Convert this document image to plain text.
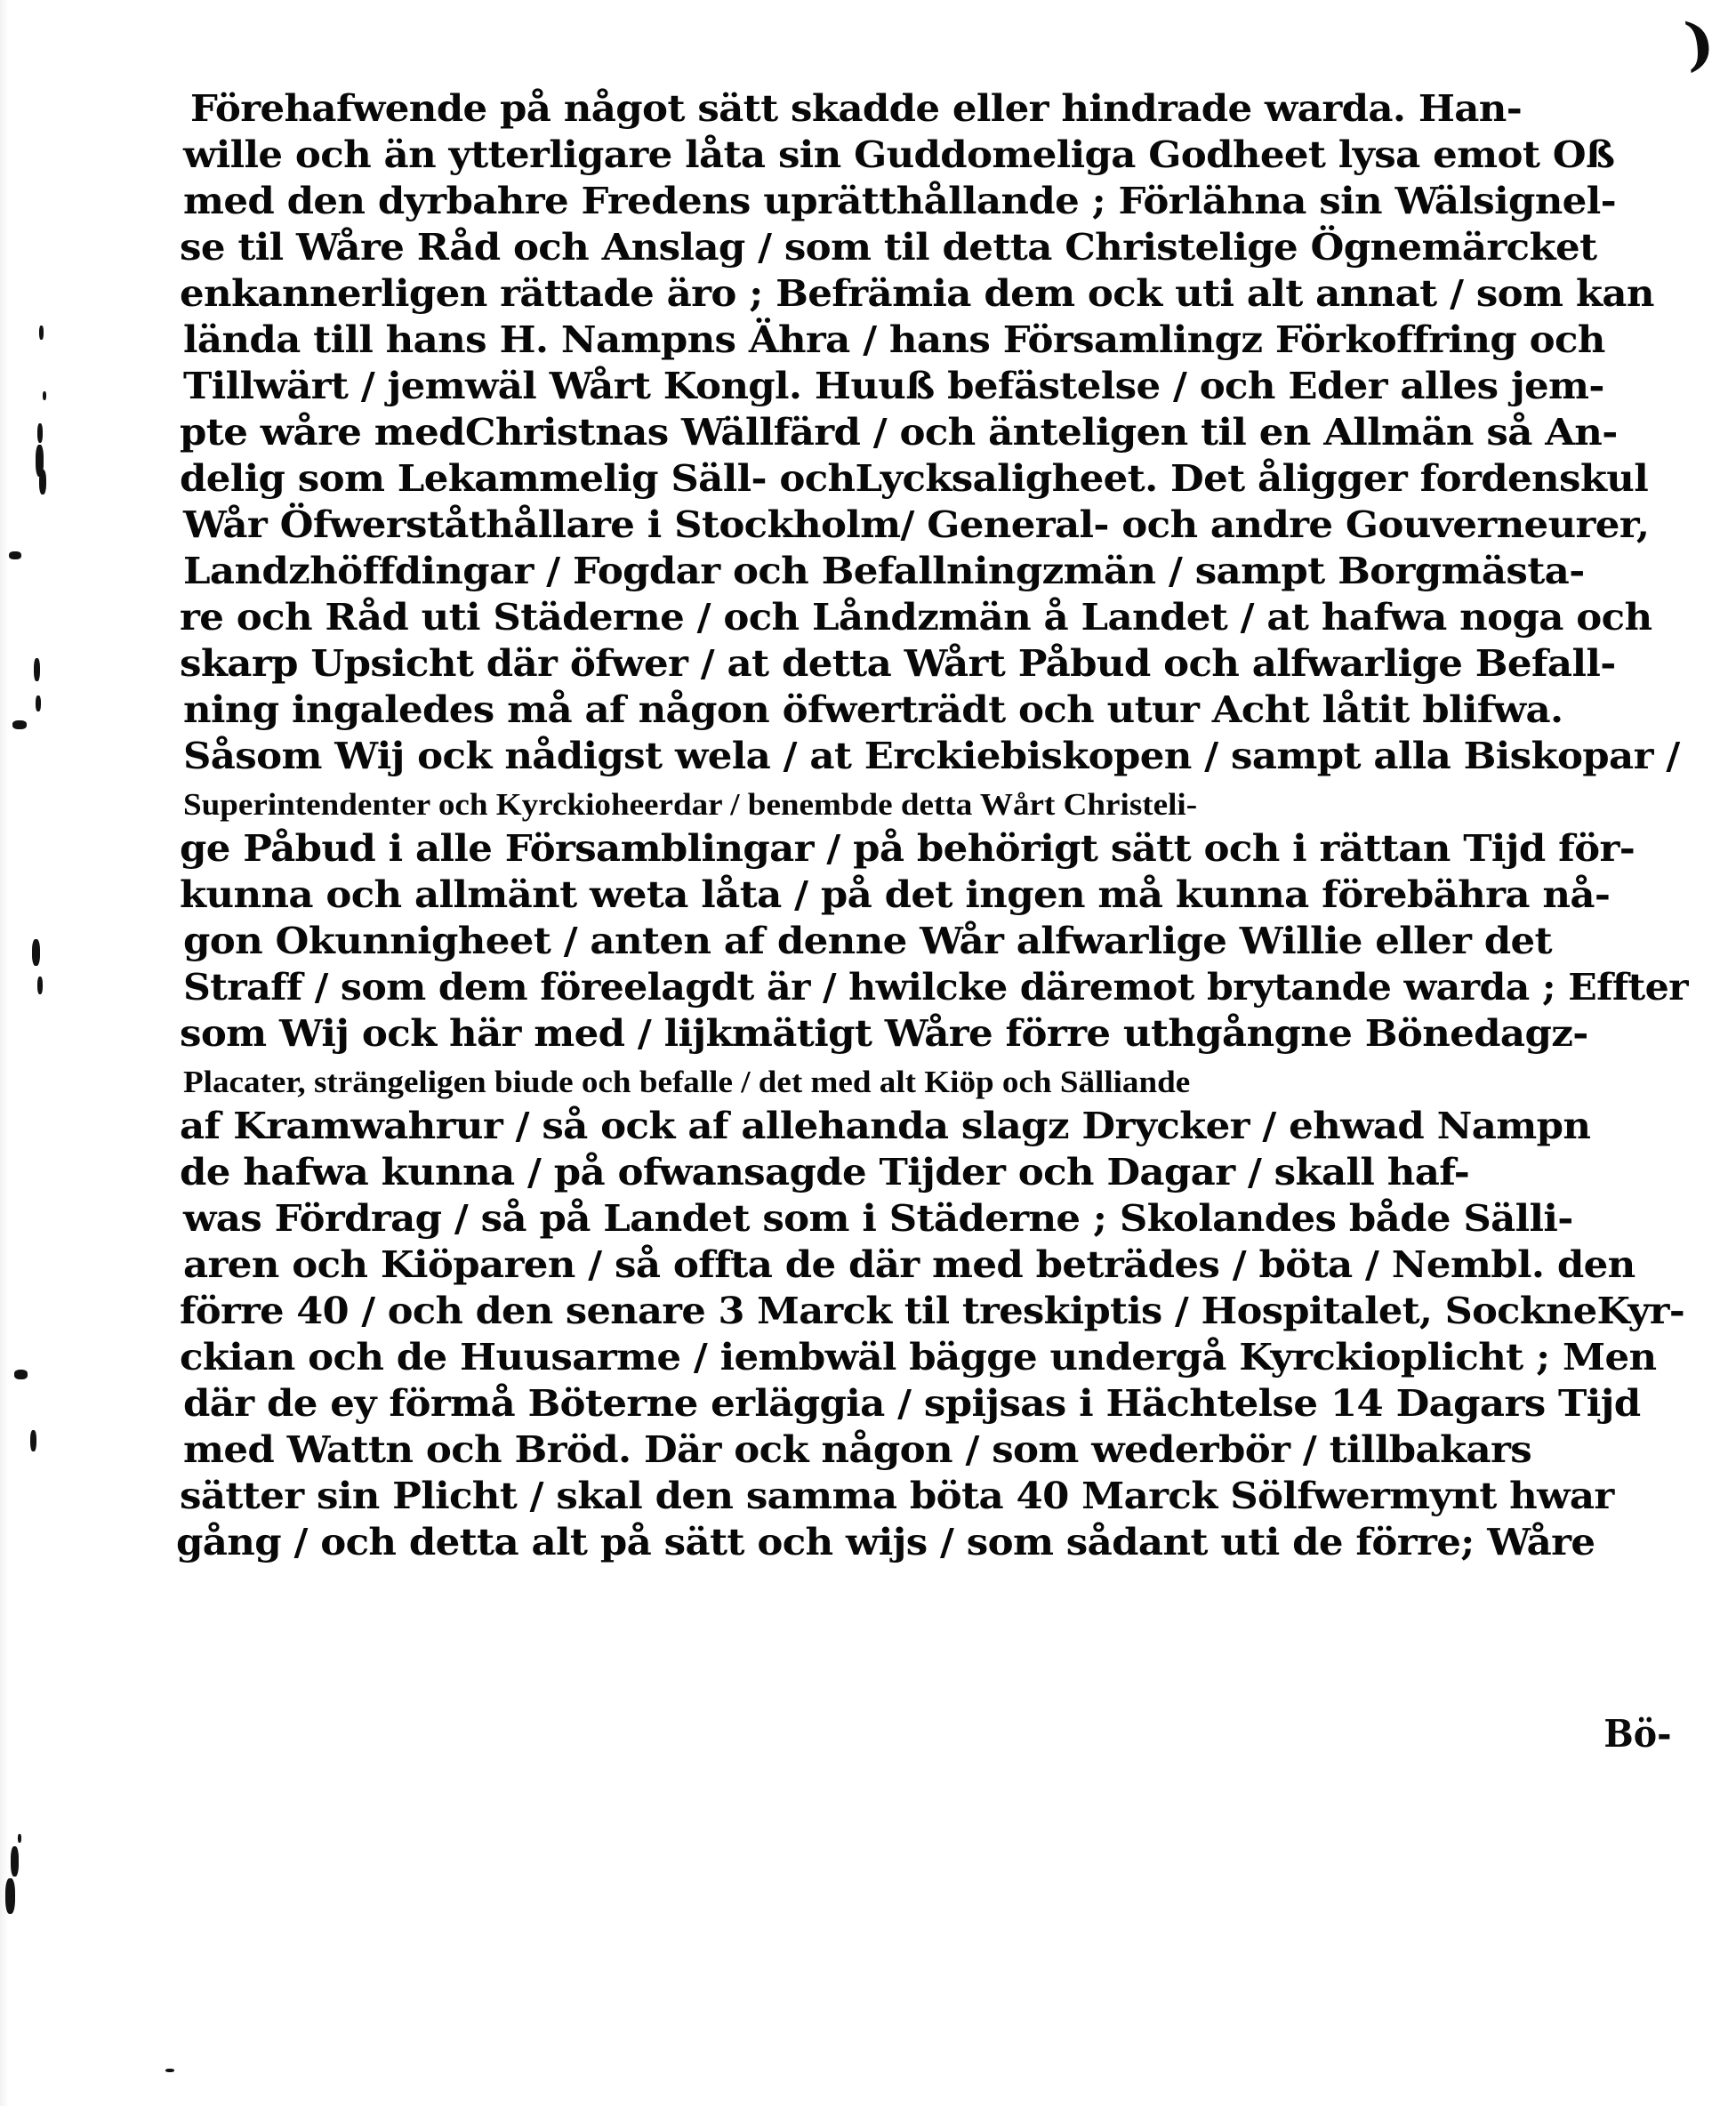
)
Förehafwende på något sätt skadde eller hindrade warda. Han-
wille och än ytterligare låta sin Guddomeliga Godheet lysa emot Oß
med den dyrbahre Fredens uprätthållande ; Förlähna sin Wälsignel-
se til Wåre Råd och Anslag / som til detta Christelige Ögnemärcket
enkannerligen rättade äro ; Befrämia dem ock uti alt annat / som kan
lända till hans H. Nampns Ähra / hans Församlingz Förkoffring och
Tillwärt / jemwäl Wårt Kongl. Huuß befästelse / och Eder alles jem-
pte wåre medChristnas Wällfärd / och änteligen til en Allmän så An-
delig som Lekammelig Säll- ochLycksaligheet. Det åligger fordenskul
Wår Öfwerståthållare i Stockholm/ General- och andre Gouverneurer,
Landzhöffdingar / Fogdar och Befallningzmän / sampt Borgmästa-
re och Råd uti Städerne / och Låndzmän å Landet / at hafwa noga och
skarp Upsicht där öfwer / at detta Wårt Påbud och alfwarlige Befall-
ning ingaledes må af någon öfwerträdt och utur Acht låtit blifwa.
Såsom Wij ock nådigst wela / at Erckiebiskopen / sampt alla Biskopar /
Superintendenter och Kyrckioheerdar / benembde detta Wårt Christeli-
ge Påbud i alle Församblingar / på behörigt sätt och i rättan Tijd för-
kunna och allmänt weta låta / på det ingen må kunna förebähra nå-
gon Okunnigheet / anten af denne Wår alfwarlige Willie eller det
Straff / som dem föreelagdt är / hwilcke däremot brytande warda ; Effter
som Wij ock här med / lijkmätigt Wåre förre uthgångne Bönedagz-
Placater, strängeligen biude och befalle / det med alt Kiöp och Sälliande
af Kramwahrur / så ock af allehanda slagz Drycker / ehwad Nampn
de hafwa kunna / på ofwansagde Tijder och Dagar / skall haf-
was Fördrag / så på Landet som i Städerne ; Skolandes både Sälli-
aren och Kiöparen / så offta de där med beträdes / böta / Nembl. den
förre 40 / och den senare 3 Marck til treskiptis / Hospitalet, SockneKyr-
ckian och de Huusarme / iembwäl bägge undergå Kyrckioplicht ; Men
där de ey förmå Böterne erläggia / spijsas i Hächtelse 14 Dagars Tijd
med Wattn och Bröd. Där ock någon / som wederbör / tillbakars
sätter sin Plicht / skal den samma böta 40 Marck Sölfwermynt hwar
gång / och detta alt på sätt och wijs / som sådant uti de förre; Wåre
Bö-
